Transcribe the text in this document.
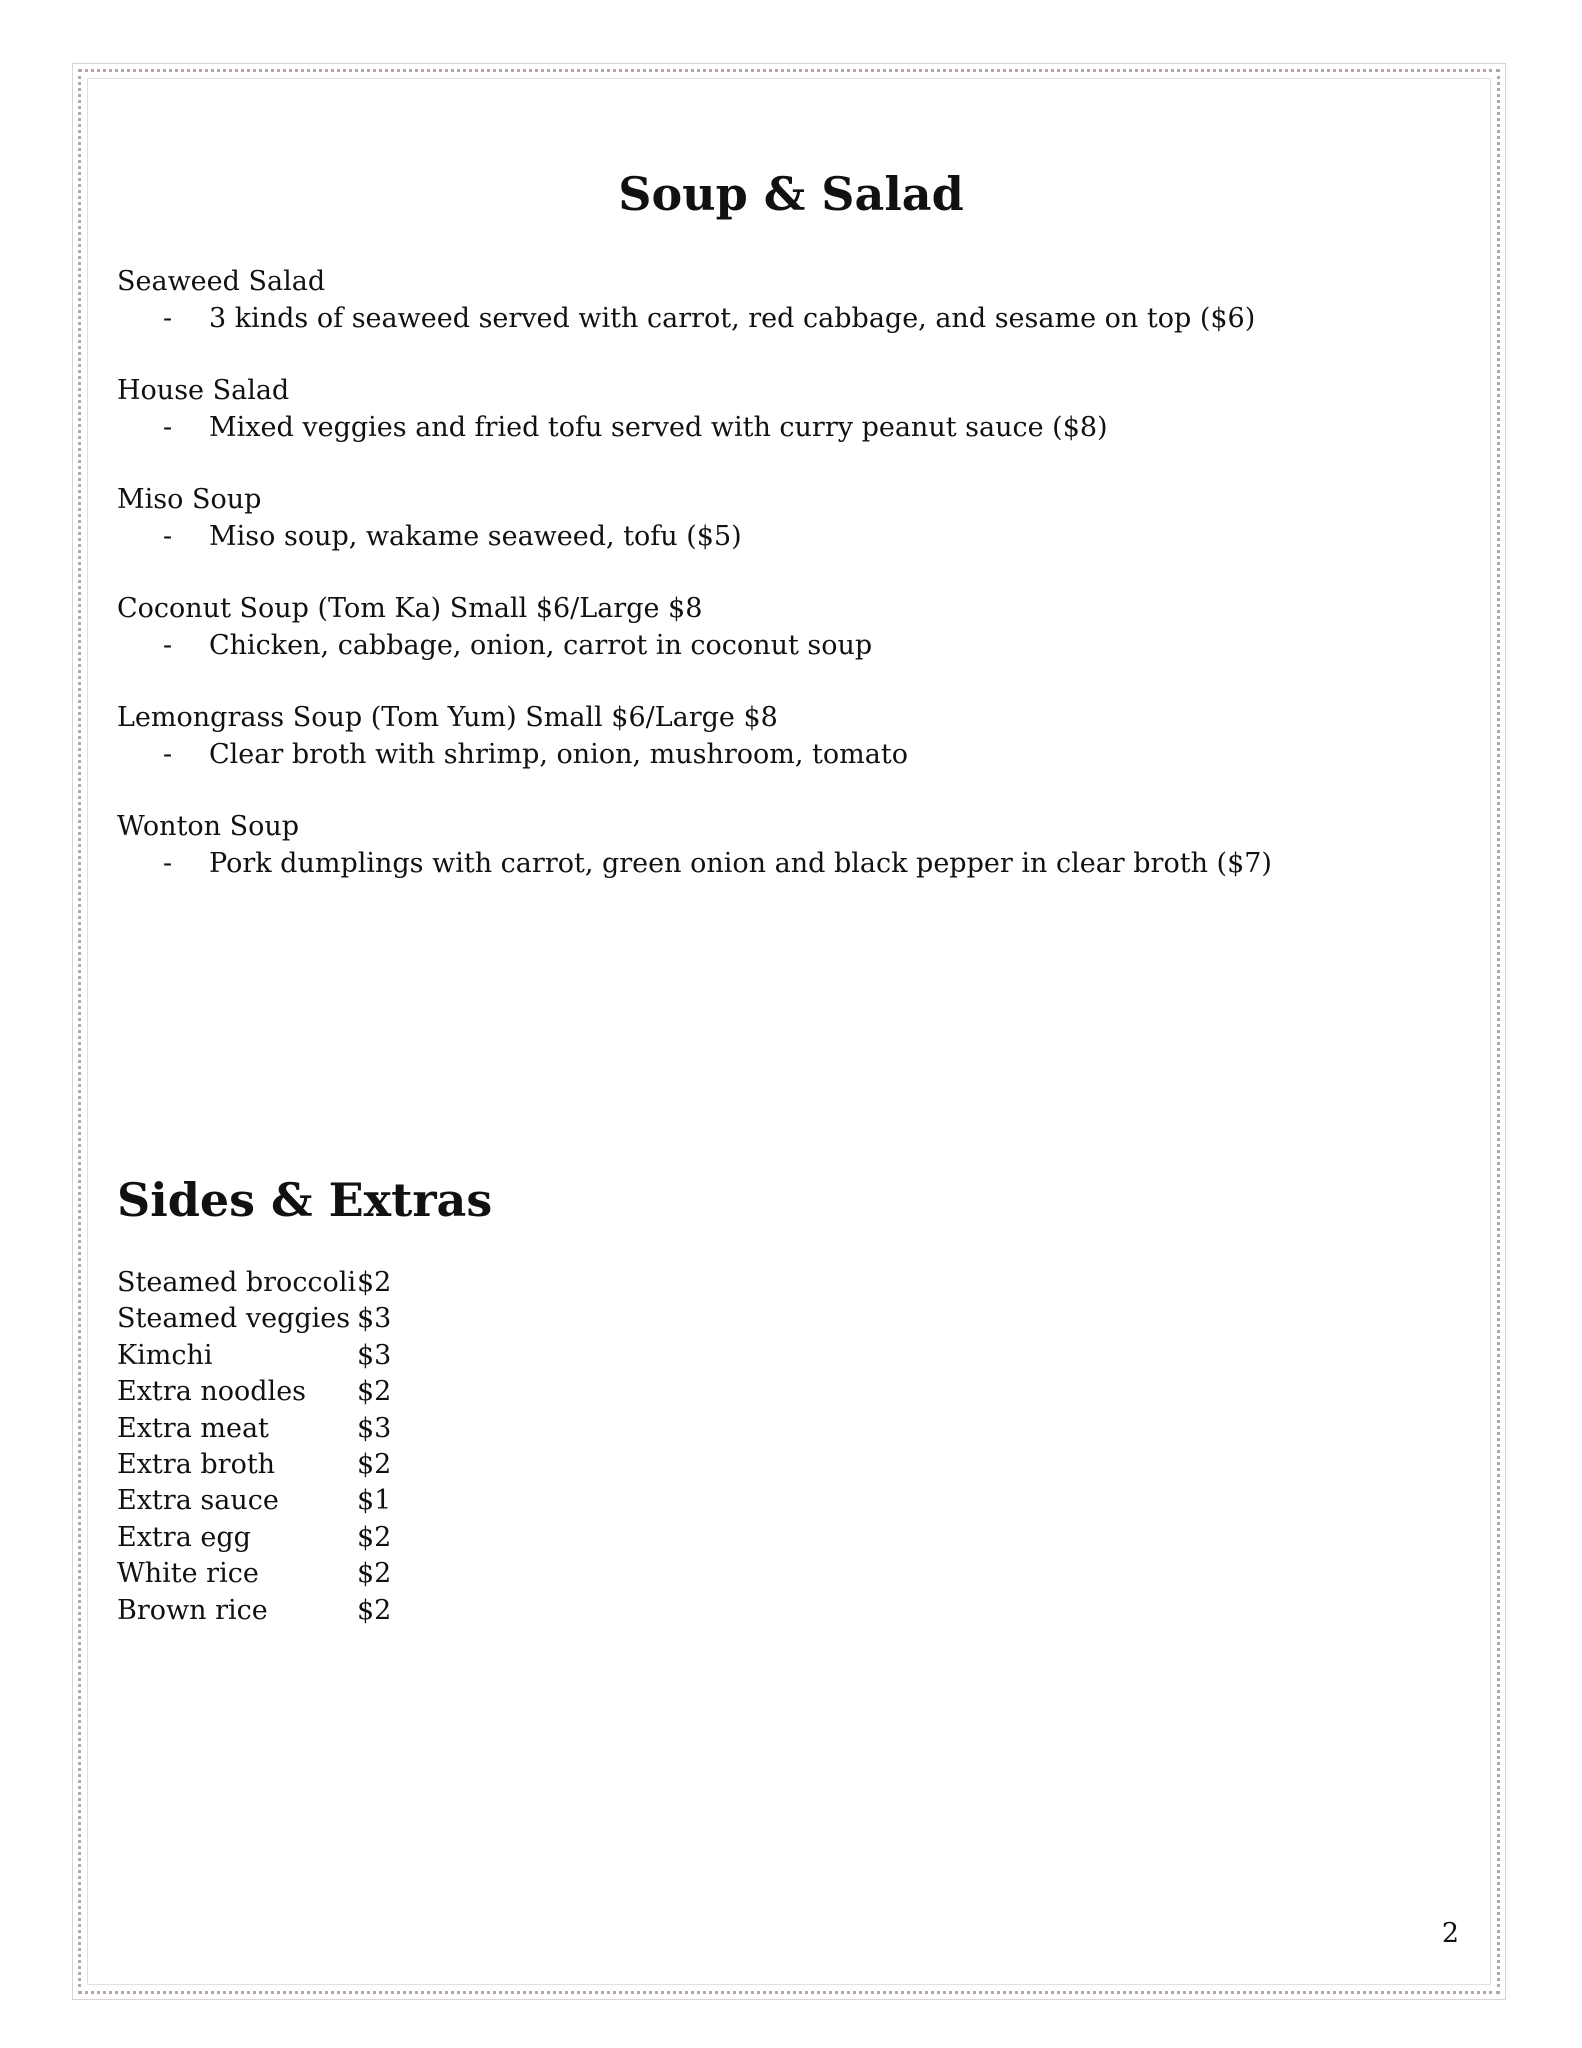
Soup & Salad
Seaweed Salad
- 3 kinds of seaweed served with carrot, red cabbage, and sesame on top ($6)
House Salad
- Mixed veggies and fried tofu served with curry peanut sauce ($8)
Miso Soup
- Miso soup, wakame seaweed, tofu ($5)
Coconut Soup (Tom Ka) Small $6/Large $8
- Chicken, cabbage, onion, carrot in coconut soup
Lemongrass Soup (Tom Yum) Small $6/Large $8
- Clear broth with shrimp, onion, mushroom, tomato
Wonton Soup
- Pork dumplings with carrot, green onion and black pepper in clear broth ($7)
Sides & Extras
Steamed broccoli$2
Steamed veggies $3
Kimchi	$3
Extra noodles $2
Extra meat	$3
Extra broth	$2
Extra sauce	$1
Extra egg	$2
White rice	$2
Brown rice	$2
2
